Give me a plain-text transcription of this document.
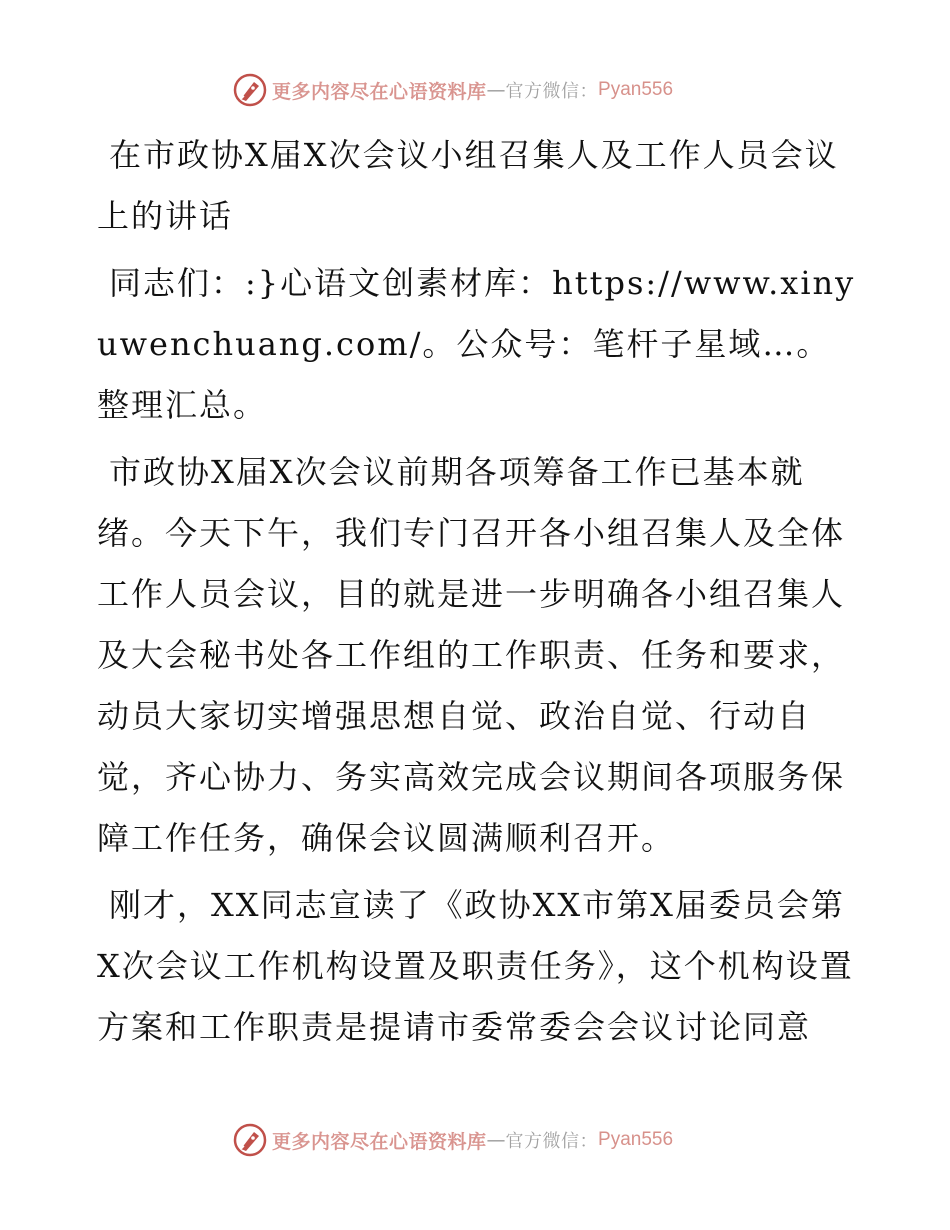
更多内容尽在心语资料库 — 官方微信： Pyan556

在市政协X届X次会议小组召集人及工作人员会议上的讲话

同志们：:}心语文创素材库：https://www.xinyuwenchuang.com/。公众号：笔杆子星域…。整理汇总。

市政协X届X次会议前期各项筹备工作已基本就绪。今天下午，我们专门召开各小组召集人及全体工作人员会议，目的就是进一步明确各小组召集人及大会秘书处各工作组的工作职责、任务和要求，动员大家切实增强思想自觉、政治自觉、行动自觉，齐心协力、务实高效完成会议期间各项服务保障工作任务，确保会议圆满顺利召开。

刚才，XX同志宣读了《政协XX市第X届委员会第X次会议工作机构设置及职责任务》，这个机构设置方案和工作职责是提请市委常委会会议讨论同意

更多内容尽在心语资料库 — 官方微信： Pyan556
